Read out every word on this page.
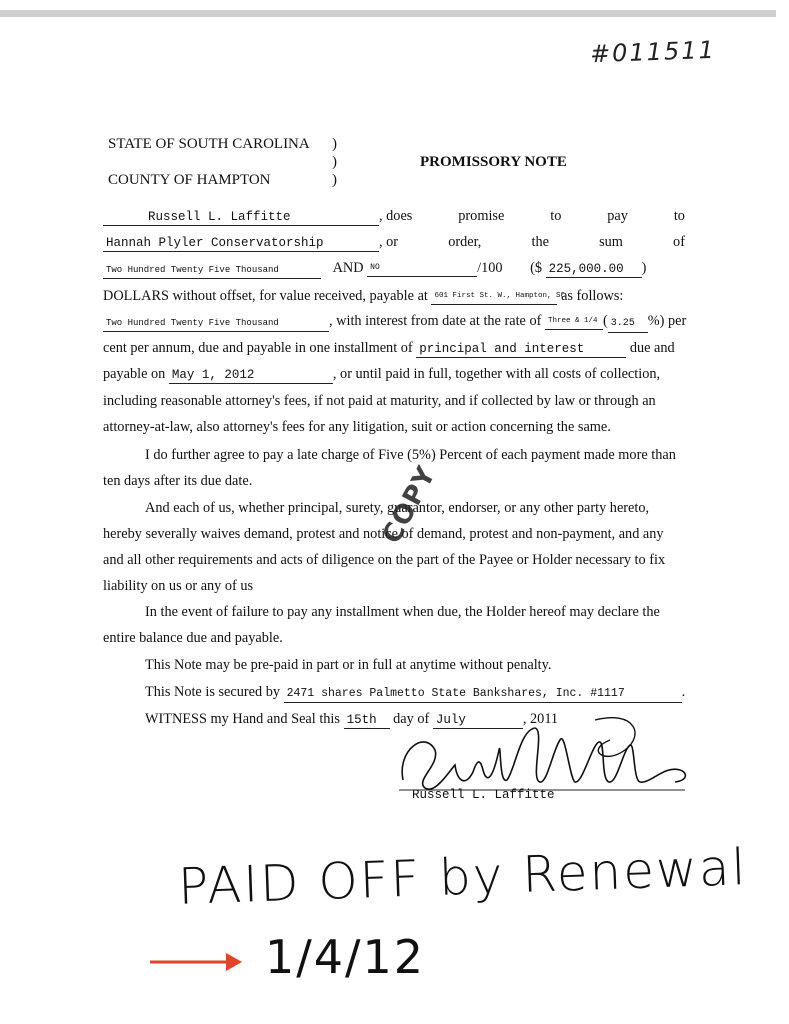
#011511
STATE OF SOUTH CAROLINA
COUNTY OF HAMPTON
)
)
)
PROMISSORY NOTE
Russell L. Laffitte	, does	promise	to	pay	to
Hannah Plyler Conservatorship	, or	order,	the	sum	of
Two Hundred Twenty Five Thousand	AND NO	/100 ($ 225,000.00 )
DOLLARS without offset, for value received, payable at 601 First St. W., Hampton, SC as follows:
Two Hundred Twenty Five Thousand	, with interest from date at the rate of Three & 1/4 ( 3.25 %) per
cent per annum, due and payable in one installment of principal and interest	due and
payable on May 1, 2012	, or until paid in full, together with all costs of collection,
including reasonable attorney's fees, if not paid at maturity, and if collected by law or through an
attorney-at-law, also attorney's fees for any litigation, suit or action concerning the same.
I do further agree to pay a late charge of Five (5%) Percent of each payment made more than
ten days after its due date.
And each of us, whether principal, surety, guarantor, endorser, or any other party hereto,
hereby severally waives demand, protest and notice of demand, protest and non-payment, and any
and all other requirements and acts of diligence on the part of the Payee or Holder necessary to fix
liability on us or any of us
In the event of failure to pay any installment when due, the Holder hereof may declare the
entire balance due and payable.
This Note may be pre-paid in part or in full at anytime without penalty.
This Note is secured by 2471 shares Palmetto State Bankshares, Inc. #1117	.
WITNESS my Hand and Seal this 15th day of July	, 2011
COPY
Russell L. Laffitte
PAID OFF by Renewal
1/4/12
